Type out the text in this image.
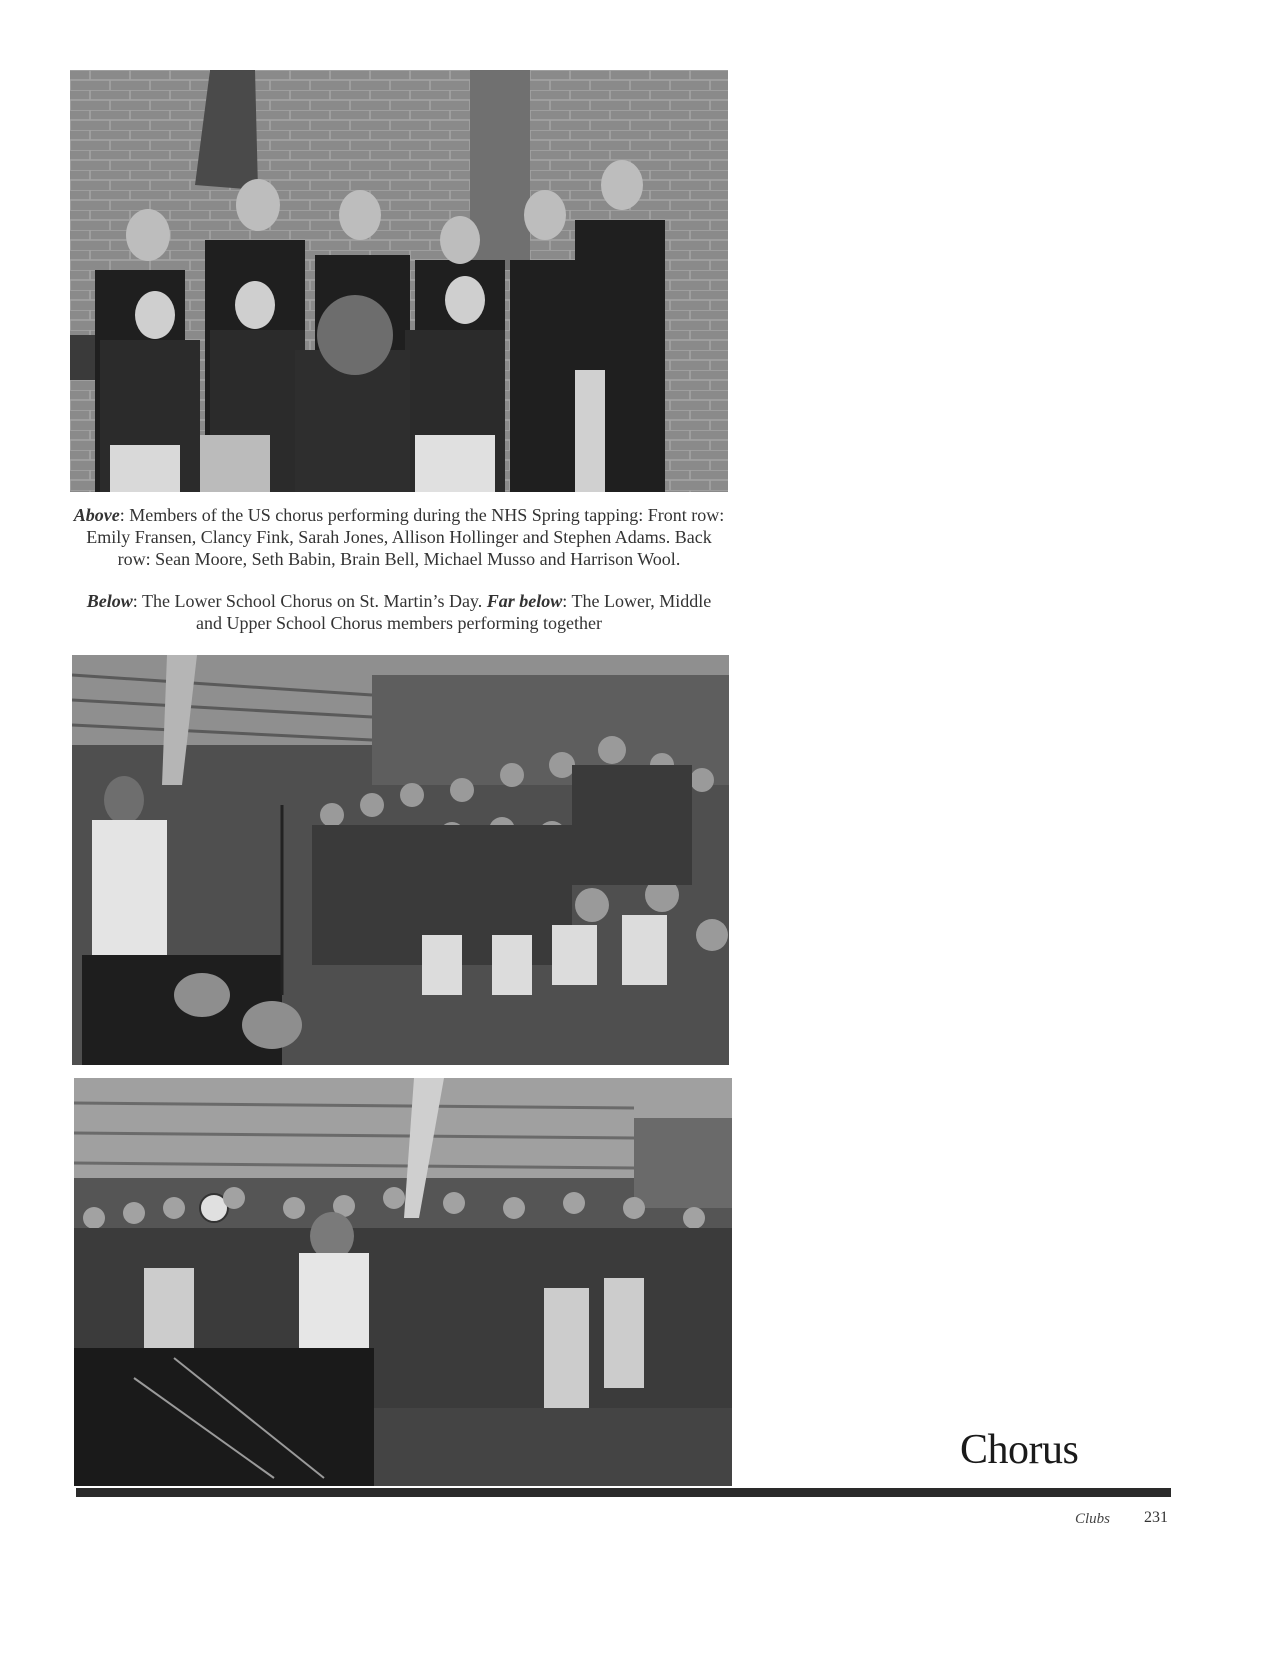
Above: Members of the US chorus performing during the NHS Spring tapping: Front row: Emily Fransen, Clancy Fink, Sarah Jones, Allison Hollinger and Stephen Adams. Back row: Sean Moore, Seth Babin, Brain Bell, Michael Musso and Harrison Wool.
Below: The Lower School Chorus on St. Martin’s Day. Far below: The Lower, Middle and Upper School Chorus members performing together
Chorus
Clubs 231
